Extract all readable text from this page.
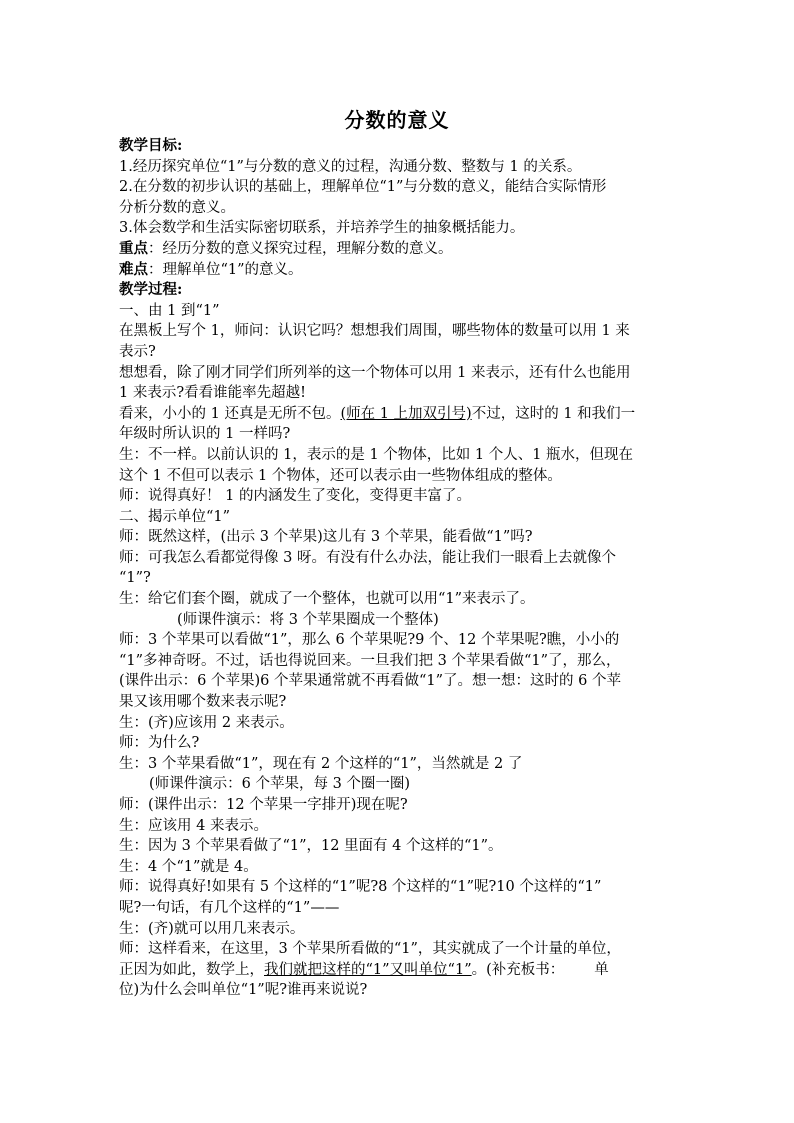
分数的意义
教学目标:
1.经历探究单位“1”与分数的意义的过程，沟通分数、整数与 1 的关系。
2.在分数的初步认识的基础上，理解单位“1”与分数的意义，能结合实际情形
分析分数的意义。
3.体会数学和生活实际密切联系，并培养学生的抽象概括能力。
重点：经历分数的意义探究过程，理解分数的意义。
难点：理解单位“1”的意义。
教学过程:
一、由 1 到“1”
在黑板上写个 1，师问：认识它吗？想想我们周围，哪些物体的数量可以用 1 来
表示?
想想看，除了刚才同学们所列举的这一个物体可以用 1 来表示，还有什么也能用
1 来表示?看看谁能率先超越!
看来，小小的 1 还真是无所不包。(师在 1 上加双引号)不过，这时的 1 和我们一
年级时所认识的 1 一样吗?
生：不一样。以前认识的 1，表示的是 1 个物体，比如 1 个人、1 瓶水，但现在
这个 1 不但可以表示 1 个物体，还可以表示由一些物体组成的整体。
师：说得真好！ 1 的内涵发生了变化，变得更丰富了。
二、揭示单位“1”
师：既然这样，(出示 3 个苹果)这儿有 3 个苹果，能看做“1”吗?
师：可我怎么看都觉得像 3 呀。有没有什么办法，能让我们一眼看上去就像个
“1”?
生：给它们套个圈，就成了一个整体，也就可以用“1”来表示了。
(师课件演示：将 3 个苹果圈成一个整体)
师：3 个苹果可以看做“1”，那么 6 个苹果呢?9 个、12 个苹果呢?瞧，小小的
“1”多神奇呀。不过，话也得说回来。一旦我们把 3 个苹果看做“1”了，那么，
(课件出示：6 个苹果)6 个苹果通常就不再看做“1”了。想一想：这时的 6 个苹
果又该用哪个数来表示呢?
生：(齐)应该用 2 来表示。
师：为什么?
生：3 个苹果看做“1”，现在有 2 个这样的“1”，当然就是 2 了
(师课件演示：6 个苹果，每 3 个圈一圈)
师：(课件出示：12 个苹果一字排开)现在呢?
生：应该用 4 来表示。
生：因为 3 个苹果看做了“1”，12 里面有 4 个这样的“1”。
生：4 个“1”就是 4。
师：说得真好!如果有 5 个这样的“1”呢?8 个这样的“1”呢?10 个这样的“1”
呢?一句话，有几个这样的“1”——
生：(齐)就可以用几来表示。
师：这样看来，在这里，3 个苹果所看做的“1”，其实就成了一个计量的单位，
正因为如此，数学上，我们就把这样的“1”又叫单位“1”。(补充板书： 单
位)为什么会叫单位“1”呢?谁再来说说?
